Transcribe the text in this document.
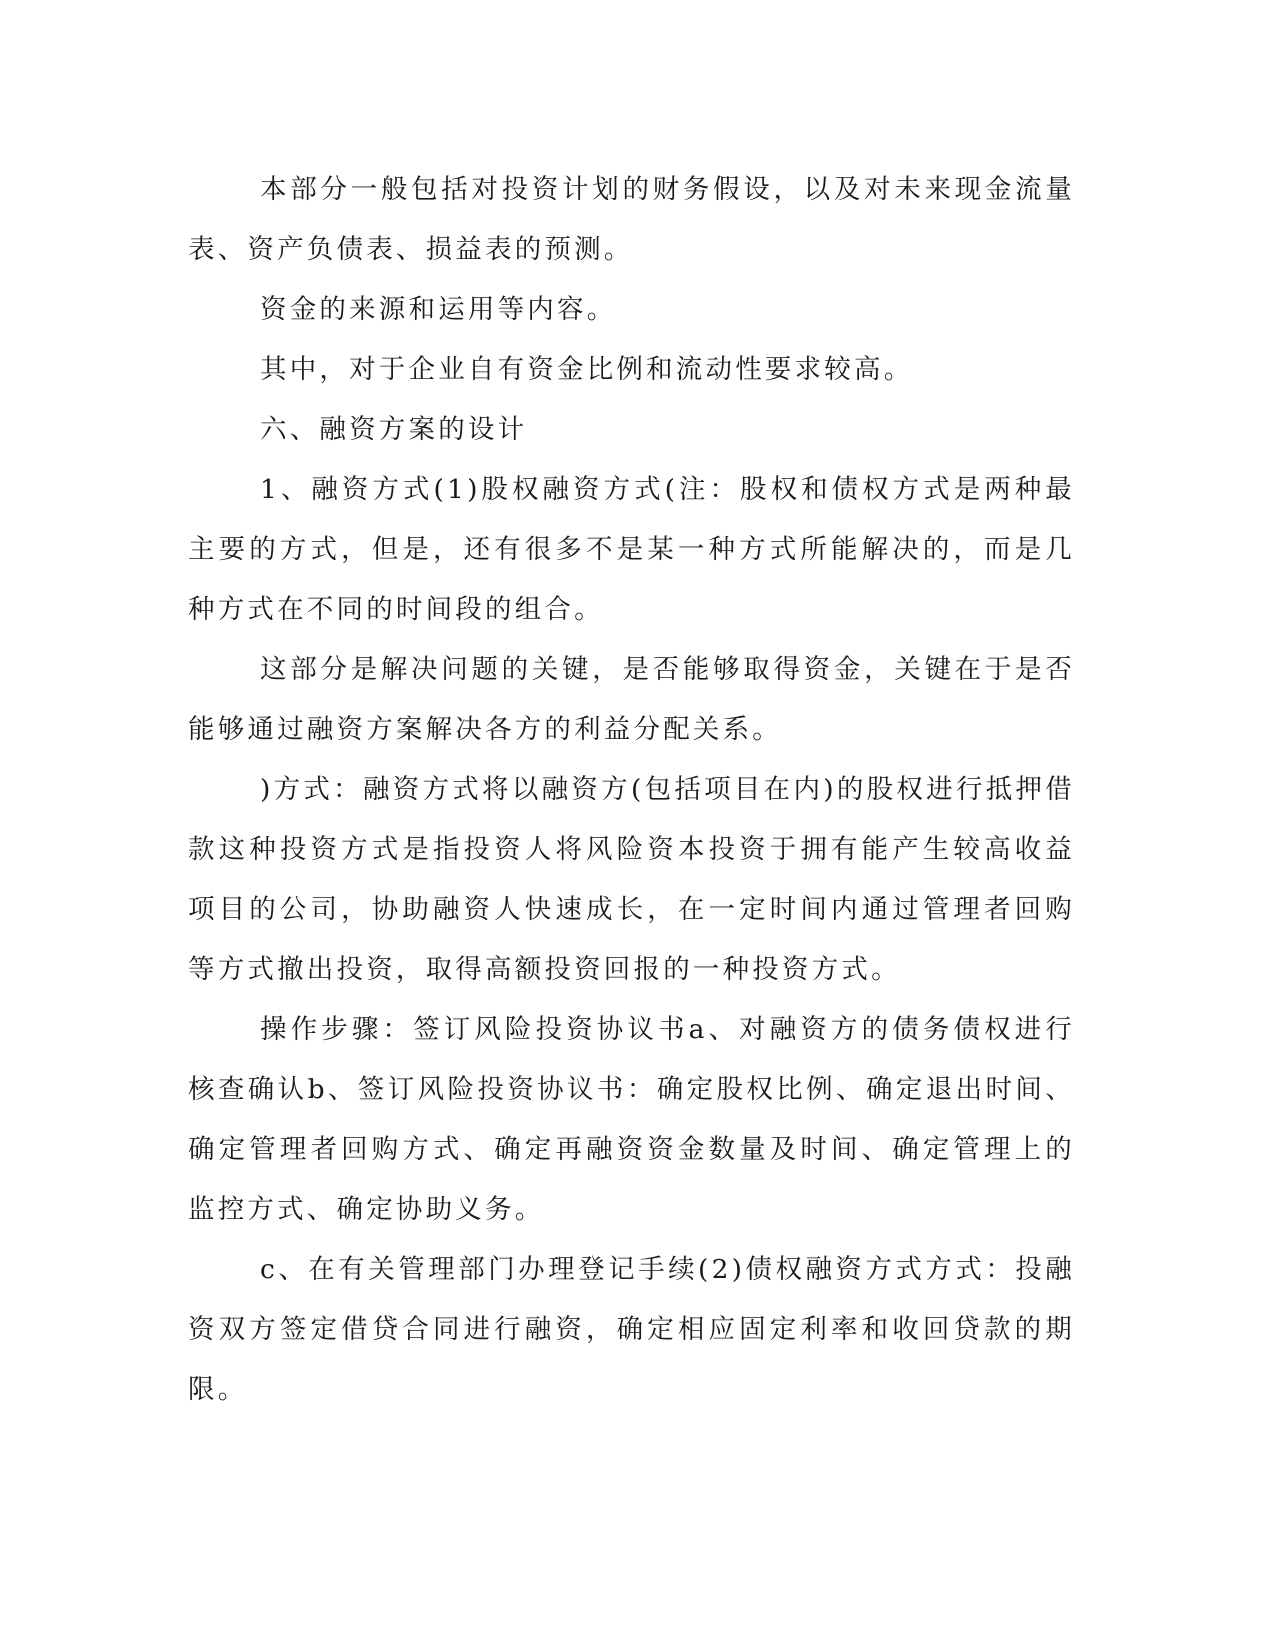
本部分一般包括对投资计划的财务假设，以及对未来现金流量表、资产负债表、损益表的预测。

资金的来源和运用等内容。

其中，对于企业自有资金比例和流动性要求较高。

六、融资方案的设计

1、融资方式(1)股权融资方式(注：股权和债权方式是两种最主要的方式，但是，还有很多不是某一种方式所能解决的，而是几种方式在不同的时间段的组合。

这部分是解决问题的关键，是否能够取得资金，关键在于是否能够通过融资方案解决各方的利益分配关系。

)方式：融资方式将以融资方(包括项目在内)的股权进行抵押借款这种投资方式是指投资人将风险资本投资于拥有能产生较高收益项目的公司，协助融资人快速成长，在一定时间内通过管理者回购等方式撤出投资，取得高额投资回报的一种投资方式。

操作步骤：签订风险投资协议书a、对融资方的债务债权进行核查确认b、签订风险投资协议书：确定股权比例、确定退出时间、确定管理者回购方式、确定再融资资金数量及时间、确定管理上的监控方式、确定协助义务。

c、在有关管理部门办理登记手续(2)债权融资方式方式：投融资双方签定借贷合同进行融资，确定相应固定利率和收回贷款的期限。
